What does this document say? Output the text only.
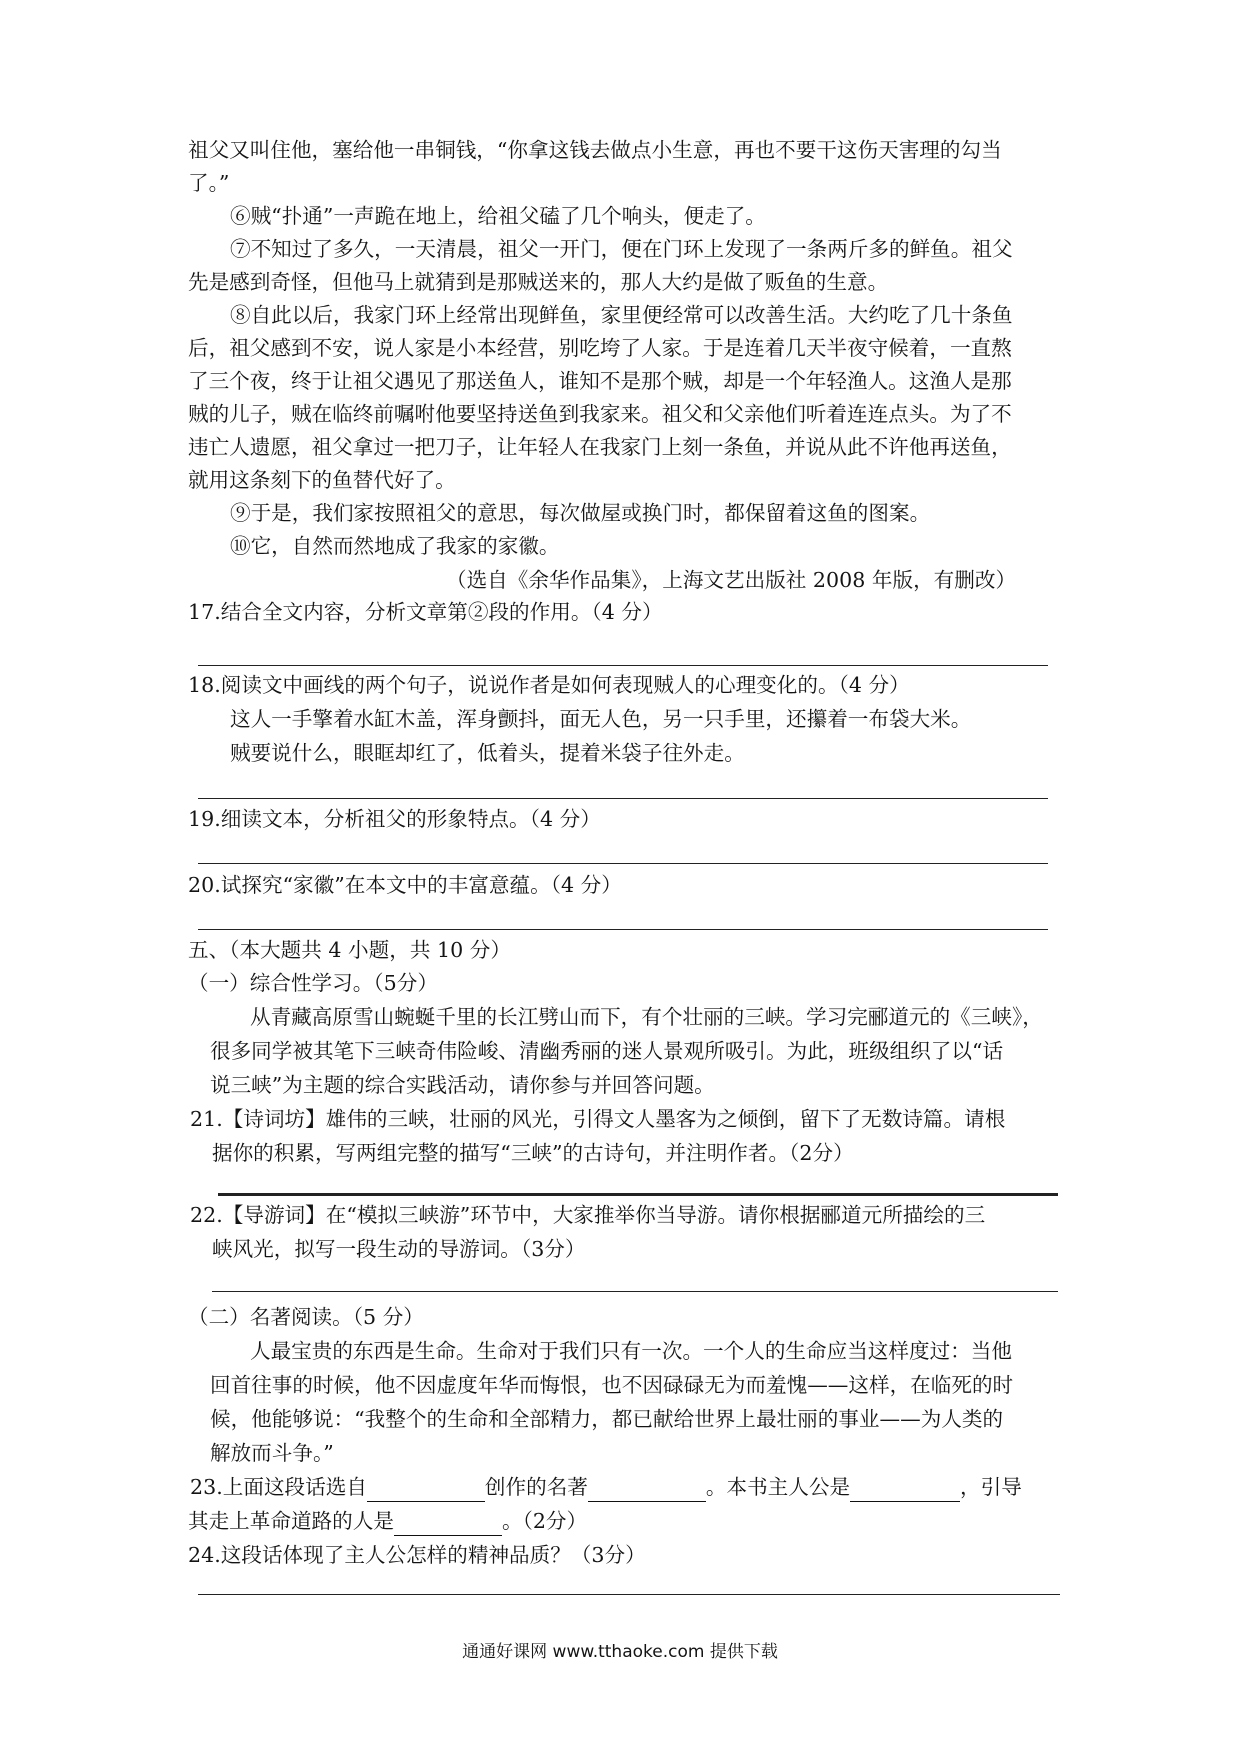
祖父又叫住他，塞给他一串铜钱，“你拿这钱去做点小生意，再也不要干这伤天害理的勾当
了。”
⑥贼“扑通”一声跪在地上，给祖父磕了几个响头，便走了。
⑦不知过了多久，一天清晨，祖父一开门，便在门环上发现了一条两斤多的鲜鱼。祖父
先是感到奇怪，但他马上就猜到是那贼送来的，那人大约是做了贩鱼的生意。
⑧自此以后，我家门环上经常出现鲜鱼，家里便经常可以改善生活。大约吃了几十条鱼
后，祖父感到不安，说人家是小本经营，别吃垮了人家。于是连着几天半夜守候着，一直熬
了三个夜，终于让祖父遇见了那送鱼人，谁知不是那个贼，却是一个年轻渔人。这渔人是那
贼的儿子，贼在临终前嘱咐他要坚持送鱼到我家来。祖父和父亲他们听着连连点头。为了不
违亡人遗愿，祖父拿过一把刀子，让年轻人在我家门上刻一条鱼，并说从此不许他再送鱼，
就用这条刻下的鱼替代好了。
⑨于是，我们家按照祖父的意思，每次做屋或换门时，都保留着这鱼的图案。
⑩它，自然而然地成了我家的家徽。
（选自《余华作品集》，上海文艺出版社 2008 年版，有删改）
17.结合全文内容，分析文章第②段的作用。（4 分）
18.阅读文中画线的两个句子，说说作者是如何表现贼人的心理变化的。（4 分）
这人一手擎着水缸木盖，浑身颤抖，面无人色，另一只手里，还攥着一布袋大米。
贼要说什么，眼眶却红了，低着头，提着米袋子往外走。
19.细读文本，分析祖父的形象特点。（4 分）
20.试探究“家徽”在本文中的丰富意蕴。（4 分）
五、（本大题共 4 小题，共 10 分）
（一）综合性学习。（5分）
从青藏高原雪山蜿蜒千里的长江劈山而下，有个壮丽的三峡。学习完郦道元的《三峡》，
很多同学被其笔下三峡奇伟险峻、清幽秀丽的迷人景观所吸引。为此，班级组织了以“话
说三峡”为主题的综合实践活动，请你参与并回答问题。
21.【诗词坊】雄伟的三峡，壮丽的风光，引得文人墨客为之倾倒，留下了无数诗篇。请根
据你的积累，写两组完整的描写“三峡”的古诗句，并注明作者。（2分）
22.【导游词】在“模拟三峡游”环节中，大家推举你当导游。请你根据郦道元所描绘的三
峡风光，拟写一段生动的导游词。（3分）
（二）名著阅读。（5 分）
人最宝贵的东西是生命。生命对于我们只有一次。一个人的生命应当这样度过：当他
回首往事的时候，他不因虚度年华而悔恨，也不因碌碌无为而羞愧——这样，在临死的时
候，他能够说：“我整个的生命和全部精力，都已献给世界上最壮丽的事业——为人类的
解放而斗争。”
23.上面这段话选自	创作的名著	。本书主人公是	，引导
其走上革命道路的人是	。（2分）
24.这段话体现了主人公怎样的精神品质？（3分）
通通好课网 www.tthaoke.com 提供下载
